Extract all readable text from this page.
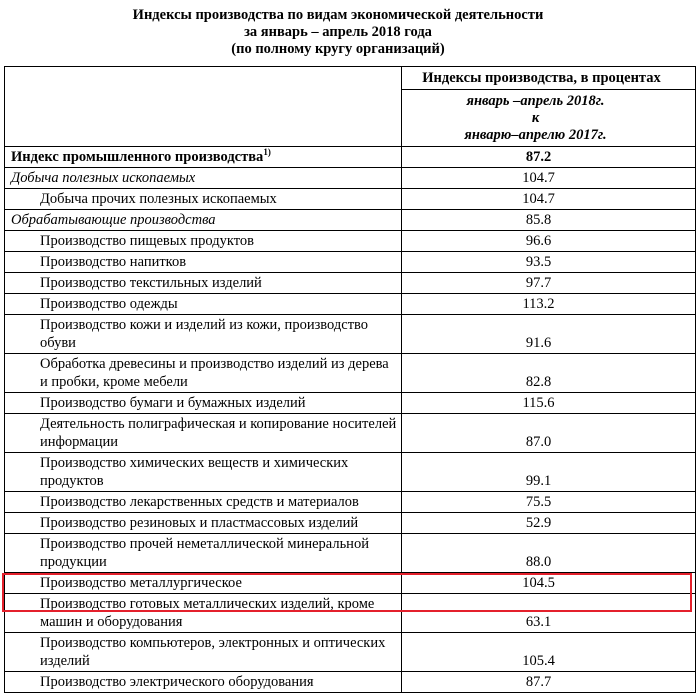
Индексы производства по видам экономической деятельности
за январь – апрель 2018 года
(по полному кругу организаций)
	Индексы производства, в процентах

	январь –апрель 2018г.
к
январю–апрелю 2017г.

Индекс промышленного производства$^{1)}$	87.2
Добыча полезных ископаемых	104.7
Добыча прочих полезных ископаемых	104.7
Обрабатывающие производства	85.8
Производство пищевых продуктов	96.6
Производство напитков	93.5
Производство текстильных изделий	97.7
Производство одежды	113.2
Производство кожи и изделий из кожи, производство обуви	91.6
Обработка древесины и производство изделий из дерева и пробки, кроме мебели	82.8
Производство бумаги и бумажных изделий	115.6
Деятельность полиграфическая и копирование носителей информации	87.0
Производство химических веществ и химических продуктов	99.1
Производство лекарственных средств и материалов	75.5
Производство резиновых и пластмассовых изделий	52.9
Производство прочей неметаллической минеральной продукции	88.0
Производство металлургическое	104.5
Производство готовых металлических изделий, кроме машин и оборудования	63.1
Производство компьютеров, электронных и оптических изделий	105.4
Производство электрического оборудования	87.7
